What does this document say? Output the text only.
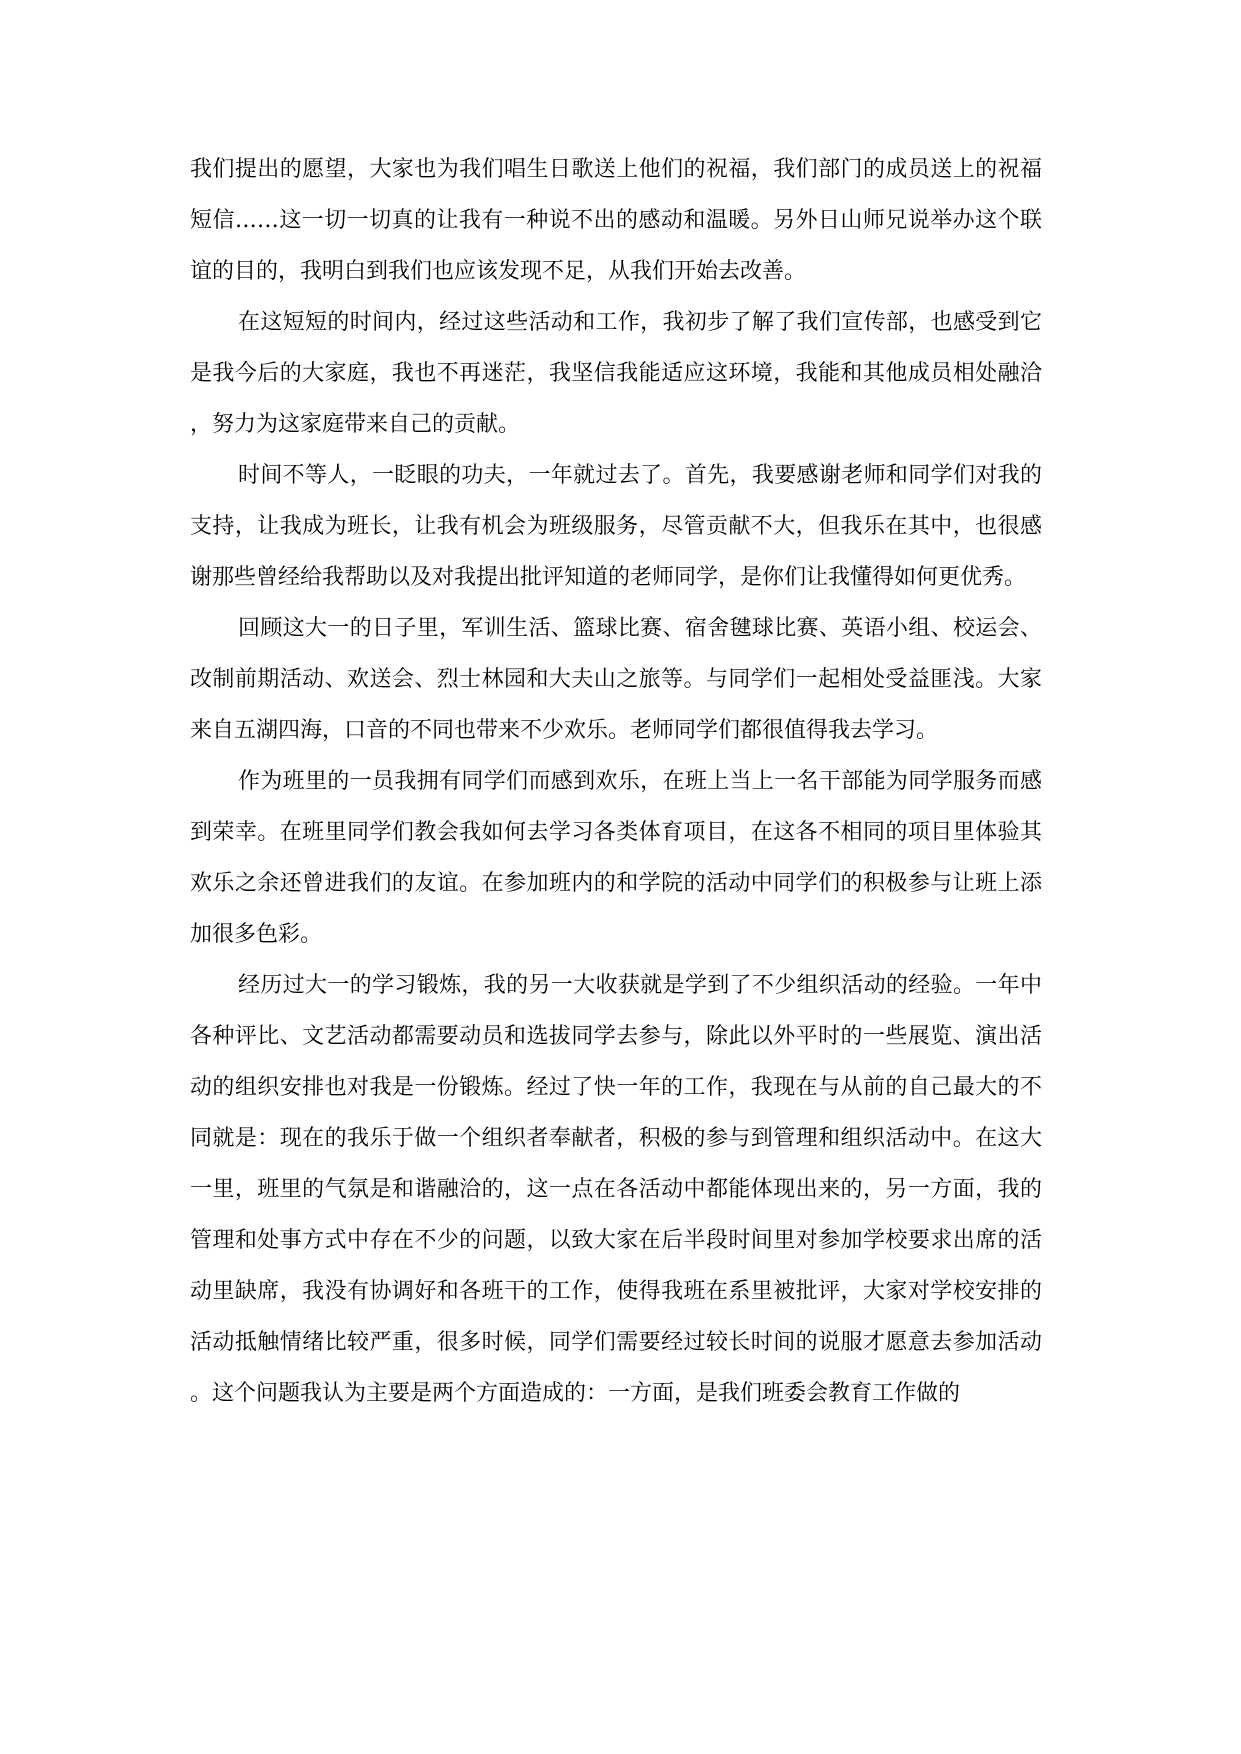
我们提出的愿望，大家也为我们唱生日歌送上他们的祝福，我们部门的成员送上的祝福短信……这一切一切真的让我有一种说不出的感动和温暖。另外日山师兄说举办这个联谊的目的，我明白到我们也应该发现不足，从我们开始去改善。

在这短短的时间内，经过这些活动和工作，我初步了解了我们宣传部，也感受到它是我今后的大家庭，我也不再迷茫，我坚信我能适应这环境，我能和其他成员相处融洽，努力为这家庭带来自己的贡献。

时间不等人，一眨眼的功夫，一年就过去了。首先，我要感谢老师和同学们对我的支持，让我成为班长，让我有机会为班级服务，尽管贡献不大，但我乐在其中，也很感谢那些曾经给我帮助以及对我提出批评知道的老师同学，是你们让我懂得如何更优秀。

回顾这大一的日子里，军训生活、篮球比赛、宿舍毽球比赛、英语小组、校运会、改制前期活动、欢送会、烈士林园和大夫山之旅等。与同学们一起相处受益匪浅。大家来自五湖四海，口音的不同也带来不少欢乐。老师同学们都很值得我去学习。

作为班里的一员我拥有同学们而感到欢乐，在班上当上一名干部能为同学服务而感到荣幸。在班里同学们教会我如何去学习各类体育项目，在这各不相同的项目里体验其欢乐之余还曾进我们的友谊。在参加班内的和学院的活动中同学们的积极参与让班上添加很多色彩。

经历过大一的学习锻炼，我的另一大收获就是学到了不少组织活动的经验。一年中各种评比、文艺活动都需要动员和选拔同学去参与，除此以外平时的一些展览、演出活动的组织安排也对我是一份锻炼。经过了快一年的工作，我现在与从前的自己最大的不同就是：现在的我乐于做一个组织者奉献者，积极的参与到管理和组织活动中。在这大一里，班里的气氛是和谐融洽的，这一点在各活动中都能体现出来的，另一方面，我的管理和处事方式中存在不少的问题，以致大家在后半段时间里对参加学校要求出席的活动里缺席，我没有协调好和各班干的工作，使得我班在系里被批评，大家对学校安排的活动抵触情绪比较严重，很多时候，同学们需要经过较长时间的说服才愿意去参加活动。这个问题我认为主要是两个方面造成的：一方面，是我们班委会教育工作做的
